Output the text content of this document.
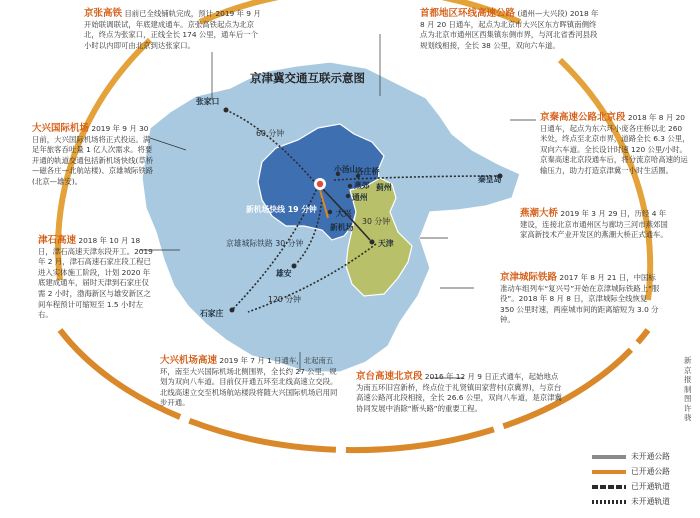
京津冀交通互联示意图
张家口
60 分钟
小汤山
各庄桥
燕郊 蓟州
通州
新机场快线 19 分钟 大兴
新机场
30 分钟
天津
京雄城际铁路 30 分钟
雄安
120 分钟
石家庄
秦皇岛

京张高铁 目前已全线铺轨完成，预计 2019 年 9 月开始联调联试，年底建成通车。京张高铁起点为北京北，终点为张家口，正线全长 174 公里，通车后一个小时以内即可由北京到达张家口。

首都地区环线高速公路 (通州—大兴段) 2018 年 8 月 20 日通车，起点为北京市大兴区东方晖镇南侧终点为北京市通州区西集镇东侧市界，与河北省香河县段规划线相接，全长 38 公里，双向六车道。

京秦高速公路北京段 2018 年 8 月 20 日通车，起点为东六环小庞各庄桥以北 260 米处，终点至北京市界，道路全长 6.3 公里，双向六车道。全长设计时速 120 公里/小时。京秦高速北京段通车后，将分流京哈高速的运输压力，助力打造京津冀一小时生活圈。

大兴国际机场 2019 年 9 月 30 日前，大兴国际机场将正式投运。满足年旅客吞吐量 1 亿人次需求。将要开通的轨道交通包括新机场快线(草桥—磁各庄—北航站楼)、京雄城际铁路(北京—雄安)。

燕潮大桥 2019 年 3 月 29 日，历经 4 年建设，连接北京市通州区与廊坊三河市燕郊国家高新技术产业开发区的燕潮大桥正式通车。

京津城际铁路 2017 年 8 月 21 日，中国标准动车组列车“复兴号”开始在京津城际铁路上“服役”。2018 年 8 月 8 日，京津城际全线恢复 350 公里时速，两座城市间的距离缩短为 3.0 分钟。

津石高速 2018 年 10 月 18 日，津石高速天津东段开工。2019 年 2 月，津石高速石家庄段工程已进入实体施工阶段，计划 2020 年底建成通车，届时天津到石家庄仅需 2 小时，渤海新区与雄安新区之间车程预计可缩短至 1.5 小时左右。

京台高速北京段 2016 年 12 月 9 日正式通车，起始地点为南五环旧宫新桥，终点位于礼贤镇田家营村(京冀界)，与京台高速公路河北段相接，全长 26.6 公里，双向八车道，是京津冀协同发展中消除“断头路”的重要工程。

大兴机场高速 2019 年 7 月 1 日通车，北起南五环，南至大兴国际机场北侧围界，全长约 27 公里，规划为双向八车道。目前仅开通五环至北线高速立交段。北线高速立交至机场航站楼段将随大兴国际机场启用同步开通。

新京报制图许骁
未开通公路
已开通公路
已开通轨道
未开通轨道
